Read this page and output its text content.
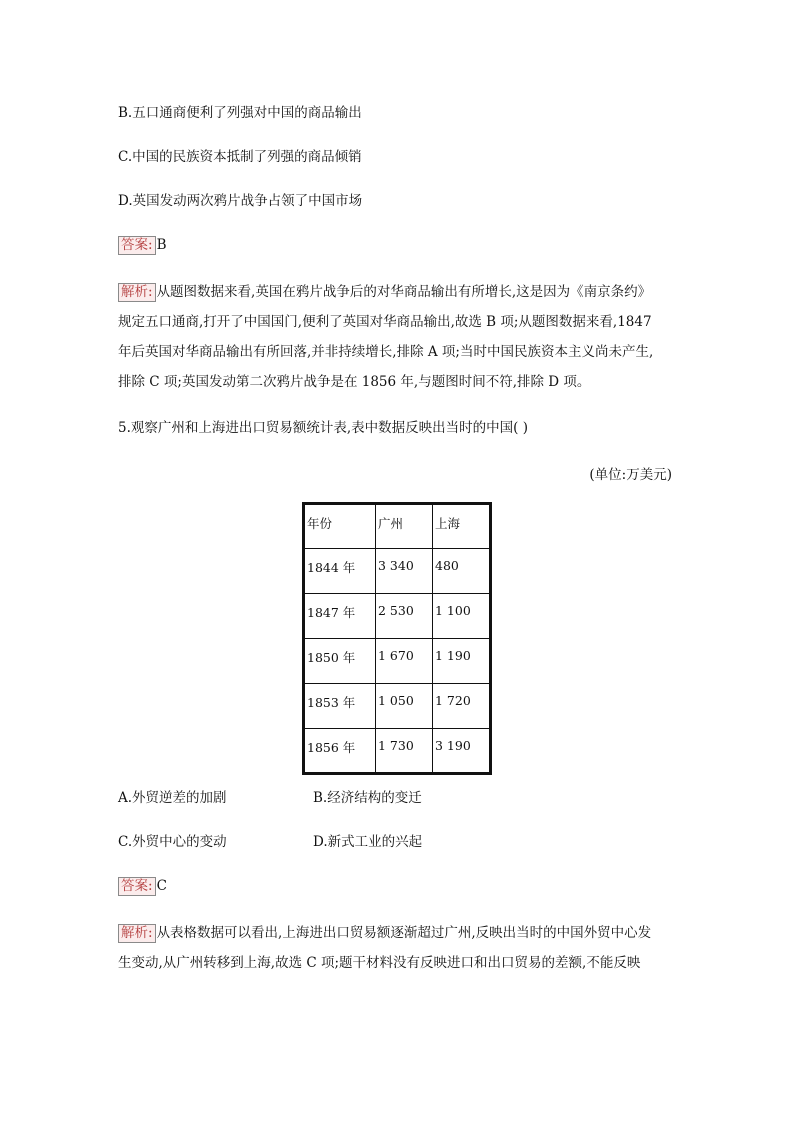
B.五口通商便利了列强对中国的商品输出
C.中国的民族资本抵制了列强的商品倾销
D.英国发动两次鸦片战争占领了中国市场
答案: B
解析: 从题图数据来看,英国在鸦片战争后的对华商品输出有所增长,这是因为《南京条约》
规定五口通商,打开了中国国门,便利了英国对华商品输出,故选 B 项;从题图数据来看,1847
年后英国对华商品输出有所回落,并非持续增长,排除 A 项;当时中国民族资本主义尚未产生,
排除 C 项;英国发动第二次鸦片战争是在 1856 年,与题图时间不符,排除 D 项。
5.观察广州和上海进出口贸易额统计表,表中数据反映出当时的中国( )
(单位:万美元)
年份	广州	上海
1844 年	3 340	480
1847 年	2 530	1 100
1850 年	1 670	1 190
1853 年	1 050	1 720
1856 年	1 730	3 190
A.外贸逆差的加剧	B.经济结构的变迁
C.外贸中心的变动	D.新式工业的兴起
答案: C
解析: 从表格数据可以看出,上海进出口贸易额逐渐超过广州,反映出当时的中国外贸中心发
生变动,从广州转移到上海,故选 C 项;题干材料没有反映进口和出口贸易的差额,不能反映
